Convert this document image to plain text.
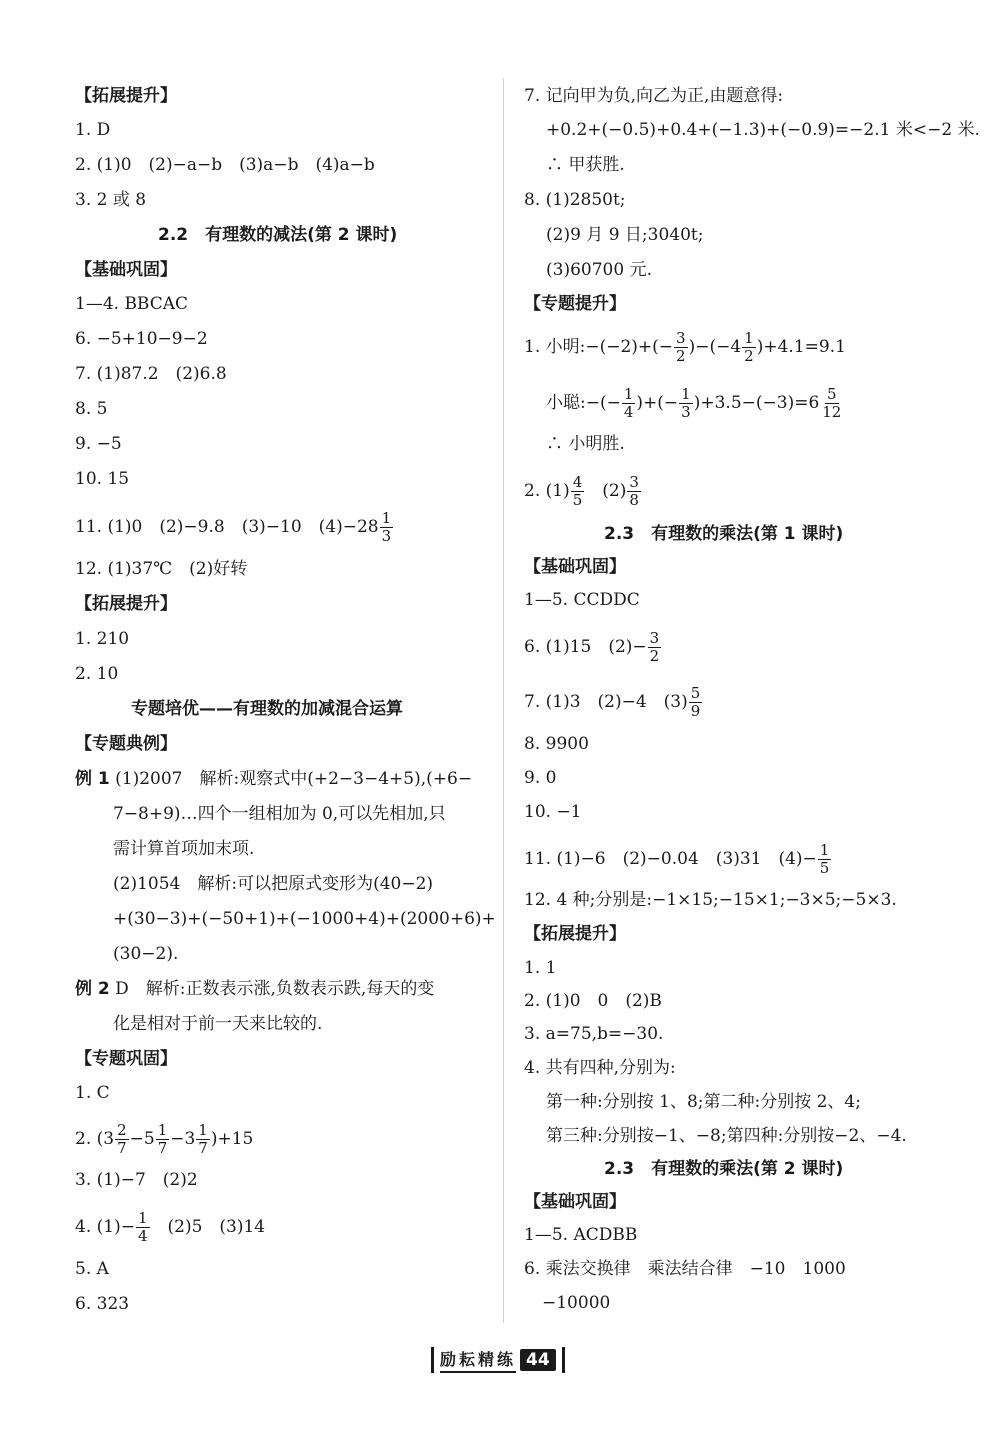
【拓展提升】
1. D
2. (1)0　(2)−a−b　(3)a−b　(4)a−b
3. 2 或 8
2.2　有理数的减法(第 2 课时)
【基础巩固】
1—4. BBCAC
6. −5+10−9−2
7. (1)87.2　(2)6.8
8. 5
9. −5
10. 15
11. (1)0　(2)−9.8　(3)−10　$(4)-28 \frac{1}{3}$
12. (1)37℃　(2)好转
【拓展提升】
1. 210
2. 10
专题培优——有理数的加减混合运算
【专题典例】
例 1 (1)2007　解析:观察式中(+2−3−4+5),(+6−
7−8+9)…四个一组相加为 0,可以先相加,只
需计算首项加末项.
(2)1054　解析:可以把原式变形为(40−2)
+(30−3)+(−50+1)+(−1000+4)+(2000+6)+
(30−2).
例 2 D　解析:正数表示涨,负数表示跌,每天的变
化是相对于前一天来比较的.
【专题巩固】
1. C
2. $(3 \frac{2}{7} -5 \frac{1}{7} -3 \frac{1}{7} )+15$
3. (1)−7　(2)2
4. $(1)- \frac{1}{4}$ 　(2)5　(3)14
5. A
6. 323
7. 记向甲为负,向乙为正,由题意得:
+0.2+(−0.5)+0.4+(−1.3)+(−0.9)=−2.1 米<−2 米.
∴ 甲获胜.
8. (1)2850t;
(2)9 月 9 日;3040t;
(3)60700 元.
【专题提升】
1. 小明:−(−2)+(− $\frac{3}{2} )-(-4 \frac{1}{2} )+4.1=9.1$
小聪:−(− $\frac{1}{4}$ )+(− $\frac{1}{3} )+3.5-(-3)=6 \frac{5}{12}$
∴ 小明胜.
2. $(1) \frac{4}{5}$ 　$(2) \frac{3}{8}$
2.3　有理数的乘法(第 1 课时)
【基础巩固】
1—5. CCDDC
6. (1)15　$(2)- \frac{3}{2}$
7. (1)3　(2)−4　$(3) \frac{5}{9}$
8. 9900
9. 0
10. −1
11. (1)−6　(2)−0.04　(3)31　$(4)- \frac{1}{5}$
12. 4 种;分别是:−1×15;−15×1;−3×5;−5×3.
【拓展提升】
1. 1
2. (1)0　0　(2)B
3. a=75,b=−30.
4. 共有四种,分别为:
第一种:分别按 1、8;第二种:分别按 2、4;
第三种:分别按−1、−8;第四种:分别按−2、−4.
2.3　有理数的乘法(第 2 课时)
【基础巩固】
1—5. ACDBB
6. 乘法交换律　乘法结合律　−10　1000
−10000
励耘精练 44
